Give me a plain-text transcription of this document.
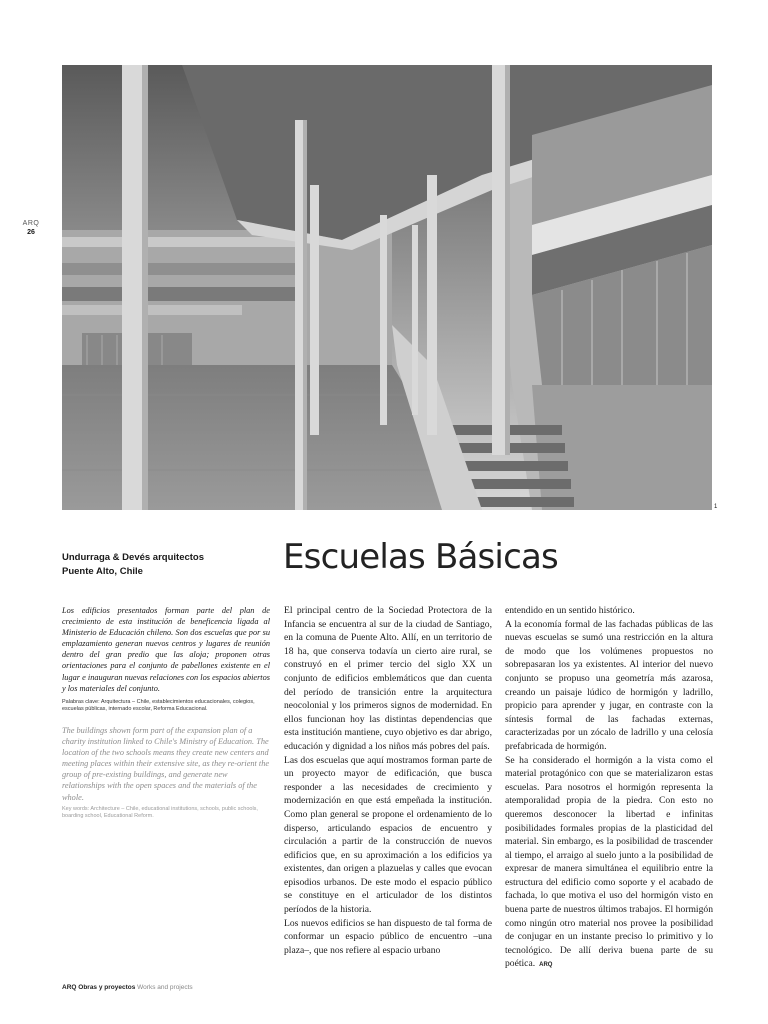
ARQ
26
1
Undurraga & Devés arquitectos
Puente Alto, Chile	Escuelas Básicas

Los edificios presentados forman parte del plan de crecimiento de esta institución de beneficencia ligada al Ministerio de Educación chileno. Son dos escuelas que por su emplazamiento generan nuevos centros y lugares de reunión dentro del gran predio que las aloja; proponen otras orientaciones para el conjunto de pabellones existente en el lugar e inauguran nuevas relaciones con los espacios abiertos y los materiales del conjunto.

Palabras clave: Arquitectura – Chile, establecimientos educacionales, colegios, escuelas públicas, internado escolar, Reforma Educacional.

The buildings shown form part of the expansion plan of a charity institution linked to Chile's Ministry of Education. The location of the two schools means they create new centers and meeting places within their extensive site, as they re-orient the group of pre-existing buildings, and generate new relationships with the open spaces and the materials of the whole.

Key words: Architecture – Chile, educational institutions, schools, public schools, boarding school, Educational Reform.

El principal centro de la Sociedad Protectora de la Infancia se encuentra al sur de la ciudad de Santiago, en la comuna de Puente Alto. Allí, en un territorio de 18 ha, que conserva todavía un cierto aire rural, se construyó en el primer tercio del siglo XX un conjunto de edificios emblemáticos que dan cuenta del período de transición entre la arquitectura neocolonial y los primeros signos de modernidad. En ellos funcionan hoy las distintas dependencias que esta institución mantiene, cuyo objetivo es dar abrigo, educación y dignidad a los niños más pobres del país.

Las dos escuelas que aquí mostramos forman parte de un proyecto mayor de edificación, que busca responder a las necesidades de crecimiento y modernización en que está empeñada la institución. Como plan general se propone el ordenamiento de lo disperso, articulando espacios de encuentro y circulación a partir de la construcción de nuevos edificios que, en su aproximación a los edificios ya existentes, dan origen a plazuelas y calles que evocan episodios urbanos. De este modo el espacio público se constituye en el articulador de los distintos períodos de la historia.

Los nuevos edificios se han dispuesto de tal forma de conformar un espacio público de encuentro –una plaza–, que nos refiere al espacio urbano

entendido en un sentido histórico.

A la economía formal de las fachadas públicas de las nuevas escuelas se sumó una restricción en la altura de modo que los volúmenes propuestos no sobrepasaran los ya existentes. Al interior del nuevo conjunto se propuso una geometría más azarosa, creando un paisaje lúdico de hormigón y ladrillo, propicio para aprender y jugar, en contraste con la síntesis formal de las fachadas externas, caracterizadas por un zócalo de ladrillo y una celosía prefabricada de hormigón.

Se ha considerado el hormigón a la vista como el material protagónico con que se materializaron estas escuelas. Para nosotros el hormigón representa la atemporalidad propia de la piedra. Con esto no queremos desconocer la libertad e infinitas posibilidades formales propias de la plasticidad del material. Sin embargo, es la posibilidad de trascender al tiempo, el arraigo al suelo junto a la posibilidad de expresar de manera simultánea el equilibrio entre la estructura del edificio como soporte y el acabado de fachada, lo que motiva el uso del hormigón visto en buena parte de nuestros últimos trabajos. El hormigón como ningún otro material nos provee la posibilidad de conjugar en un instante preciso lo primitivo y lo tecnológico. De allí deriva buena parte de su poética. ARQ

ARQ Obras y proyectos Works and projects
